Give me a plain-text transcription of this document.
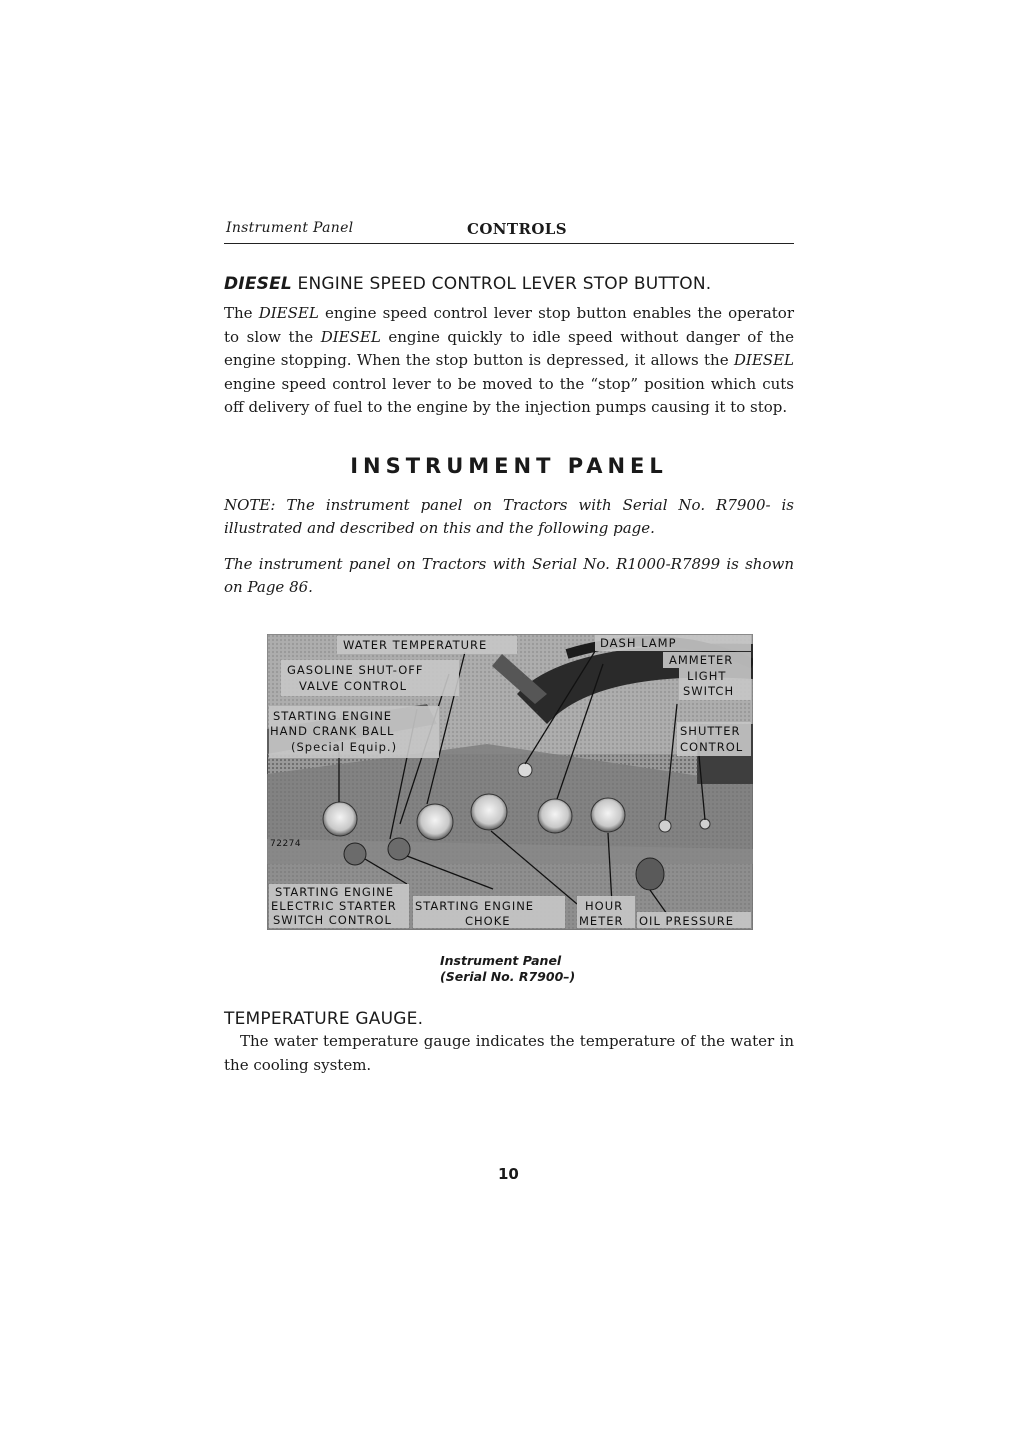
Instrument Panel	CONTROLS
DIESEL ENGINE SPEED CONTROL LEVER STOP BUTTON.
The DIESEL engine speed control lever stop button enables the operator
to slow the DIESEL engine quickly to idle speed without danger of the
engine stopping. When the stop button is depressed, it allows the DIESEL
engine speed control lever to be moved to the “stop” position which cuts
off delivery of fuel to the engine by the injection pumps causing it to stop.
INSTRUMENT PANEL
NOTE: The instrument panel on Tractors with Serial No. R7900- is
illustrated and described on this and the following page.
The instrument panel on Tractors with Serial No. R1000-R7899 is shown
on Page 86.
WATER TEMPERATURE	DASH LAMP
AMMETER
GASOLINE SHUT-OFF
VALVE CONTROL
LIGHT
SWITCH
STARTING ENGINE
HAND CRANK BALL
(Special Equip.)
SHUTTER
CONTROL
72274
STARTING ENGINE
ELECTRIC STARTER
SWITCH CONTROL
STARTING ENGINE
CHOKE
HOUR
METER OIL PRESSURE
Instrument Panel
(Serial No. R7900–)
TEMPERATURE GAUGE.
The water temperature gauge indicates the temperature of the water in
the cooling system.
10
